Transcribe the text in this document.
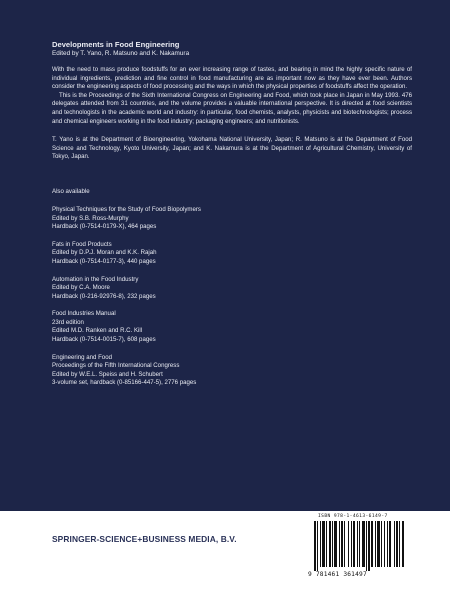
Developments in Food Engineering

Edited by T. Yano, R. Matsuno and K. Nakamura

With the need to mass produce foodstuffs for an ever increasing range of tastes, and bearing in mind the highly specific nature of individual ingredients, prediction and fine control in food manufacturing are as important now as they have ever been. Authors consider the engineering aspects of food processing and the ways in which the physical properties of foodstuffs affect the operation.

This is the Proceedings of the Sixth International Congress on Engineering and Food, which took place in Japan in May 1993. 476 delegates attended from 31 countries, and the volume provides a valuable international perspective. It is directed at food scientists and technologists in the academic world and industry: in particular, food chemists, analysts, physicists and biotechnologists; process and chemical engineers working in the food industry; packaging engineers; and nutritionists.

T. Yano is at the Department of Bioengineering, Yokohama National University, Japan; R. Matsuno is at the Department of Food Science and Technology, Kyoto University, Japan; and K. Nakamura is at the Department of Agricultural Chemistry, University of Tokyo, Japan.

Also available

Physical Techniques for the Study of Food Biopolymers
Edited by S.B. Ross-Murphy
Hardback (0-7514-0179-X), 464 pages
Fats in Food Products
Edited by D.P.J. Moran and K.K. Rajah
Hardback (0-7514-0177-3), 440 pages
Automation in the Food Industry
Edited by C.A. Moore
Hardback (0-216-92976-8), 232 pages
Food Industries Manual
23rd edition
Edited M.D. Ranken and R.C. Kill
Hardback (0-7514-0015-7), 608 pages
Engineering and Food
Proceedings of the Fifth International Congress
Edited by W.E.L. Speiss and H. Schubert
3-volume set, hardback (0-85166-447-5), 2776 pages
SPRINGER-SCIENCE+BUSINESS MEDIA, B.V.
ISBN 978-1-4613-6149-7
9 781461 361497
